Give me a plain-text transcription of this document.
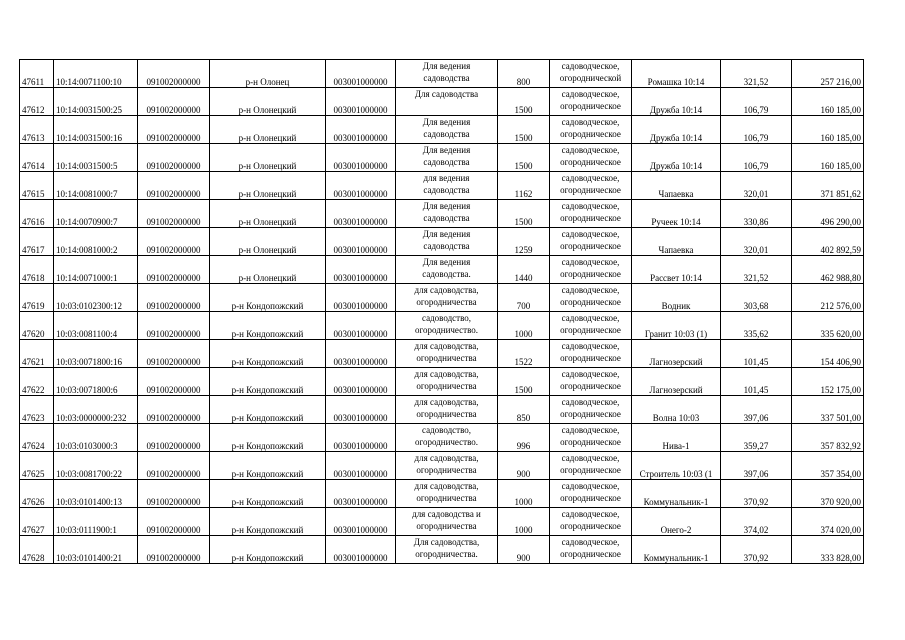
47611	10:14:0071100:10	091002000000	р-н Олонец	003001000000	Для ведения
садоводства	800	садоводческое,
огороднической	Ромашка 10:14	321,52	257 216,00
47612	10:14:0031500:25	091002000000	р-н Олонецкий	003001000000	Для садоводства	1500	садоводческое,
огородническое	Дружба 10:14	106,79	160 185,00
47613	10:14:0031500:16	091002000000	р-н Олонецкий	003001000000	Для ведения
садоводства	1500	садоводческое,
огородническое	Дружба 10:14	106,79	160 185,00
47614	10:14:0031500:5	091002000000	р-н Олонецкий	003001000000	Для ведения
садоводства	1500	садоводческое,
огородническое	Дружба 10:14	106,79	160 185,00
47615	10:14:0081000:7	091002000000	р-н Олонецкий	003001000000	для ведения
садоводства	1162	садоводческое,
огородническое	Чапаевка	320,01	371 851,62
47616	10:14:0070900:7	091002000000	р-н Олонецкий	003001000000	Для ведения
садоводства	1500	садоводческое,
огородническое	Ручеек 10:14	330,86	496 290,00
47617	10:14:0081000:2	091002000000	р-н Олонецкий	003001000000	Для ведения
садоводства	1259	садоводческое,
огородническое	Чапаевка	320,01	402 892,59
47618	10:14:0071000:1	091002000000	р-н Олонецкий	003001000000	Для ведения
садоводства.	1440	садоводческое,
огородническое	Рассвет 10:14	321,52	462 988,80
47619	10:03:0102300:12	091002000000	р-н Кондопожский	003001000000	для садоводства,
огородничества	700	садоводческое,
огородническое	Водник	303,68	212 576,00
47620	10:03:0081100:4	091002000000	р-н Кондопожский	003001000000	садоводство,
огородничество.	1000	садоводческое,
огородническое	Гранит 10:03 (1)	335,62	335 620,00
47621	10:03:0071800:16	091002000000	р-н Кондопожский	003001000000	для садоводства,
огородничества	1522	садоводческое,
огородническое	Лагнозерский	101,45	154 406,90
47622	10:03:0071800:6	091002000000	р-н Кондопожский	003001000000	для садоводства,
огородничества	1500	садоводческое,
огородническое	Лагнозерский	101,45	152 175,00
47623	10:03:0000000:232	091002000000	р-н Кондопожский	003001000000	для садоводства,
огородничества	850	садоводческое,
огородническое	Волна 10:03	397,06	337 501,00
47624	10:03:0103000:3	091002000000	р-н Кондопожский	003001000000	садоводство,
огородничество.	996	садоводческое,
огородническое	Нива-1	359,27	357 832,92
47625	10:03:0081700:22	091002000000	р-н Кондопожский	003001000000	для садоводства,
огородничества	900	садоводческое,
огородническое	Строитель 10:03 (1	397,06	357 354,00
47626	10:03:0101400:13	091002000000	р-н Кондопожский	003001000000	для садоводства,
огородничества	1000	садоводческое,
огородническое	Коммунальник-1	370,92	370 920,00
47627	10:03:0111900:1	091002000000	р-н Кондопожский	003001000000	для садоводства и
огородничества	1000	садоводческое,
огородническое	Онего-2	374,02	374 020,00
47628	10:03:0101400:21	091002000000	р-н Кондопожский	003001000000	Для садоводства,
огородничества.	900	садоводческое,
огородническое	Коммунальник-1	370,92	333 828,00
